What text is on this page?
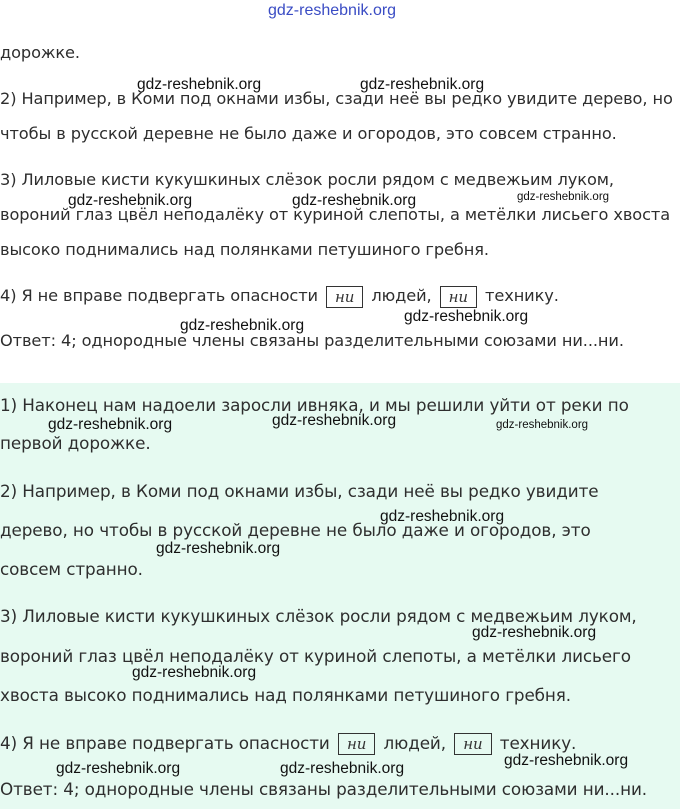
дорожке.
2) Например, в Коми под окнами избы, сзади неё вы редко увидите дерево, но
чтобы в русской деревне не было даже и огородов, это совсем странно.
3) Лиловые кисти кукушкиных слёзок росли рядом с медвежьим луком,
вороний глаз цвёл неподалёку от куриной слепоты, а метёлки лисьего хвоста
высоко поднимались над полянками петушиного гребня.
4) Я не вправе подвергать опасности ни людей, ни технику.
Ответ: 4; однородные члены связаны разделительными союзами ни...ни.
1) Наконец нам надоели заросли ивняка, и мы решили уйти от реки по
первой дорожке.
2) Например, в Коми под окнами избы, сзади неё вы редко увидите
дерево, но чтобы в русской деревне не было даже и огородов, это
совсем странно.
3) Лиловые кисти кукушкиных слёзок росли рядом с медвежьим луком,
вороний глаз цвёл неподалёку от куриной слепоты, а метёлки лисьего
хвоста высоко поднимались над полянками петушиного гребня.
4) Я не вправе подвергать опасности ни людей, ни технику.
Ответ: 4; однородные члены связаны разделительными союзами ни...ни.
gdz-reshebnik.org
gdz-reshebnik.org	gdz-reshebnik.org
gdz-reshebnik.org	gdz-reshebnik.org	gdz-reshebnik.org
gdz-reshebnik.org
gdz-reshebnik.org
gdz-reshebnik.org	gdz-reshebnik.org	gdz-reshebnik.org
gdz-reshebnik.org
gdz-reshebnik.org
gdz-reshebnik.org
gdz-reshebnik.org
gdz-reshebnik.org
gdz-reshebnik.org	gdz-reshebnik.org
